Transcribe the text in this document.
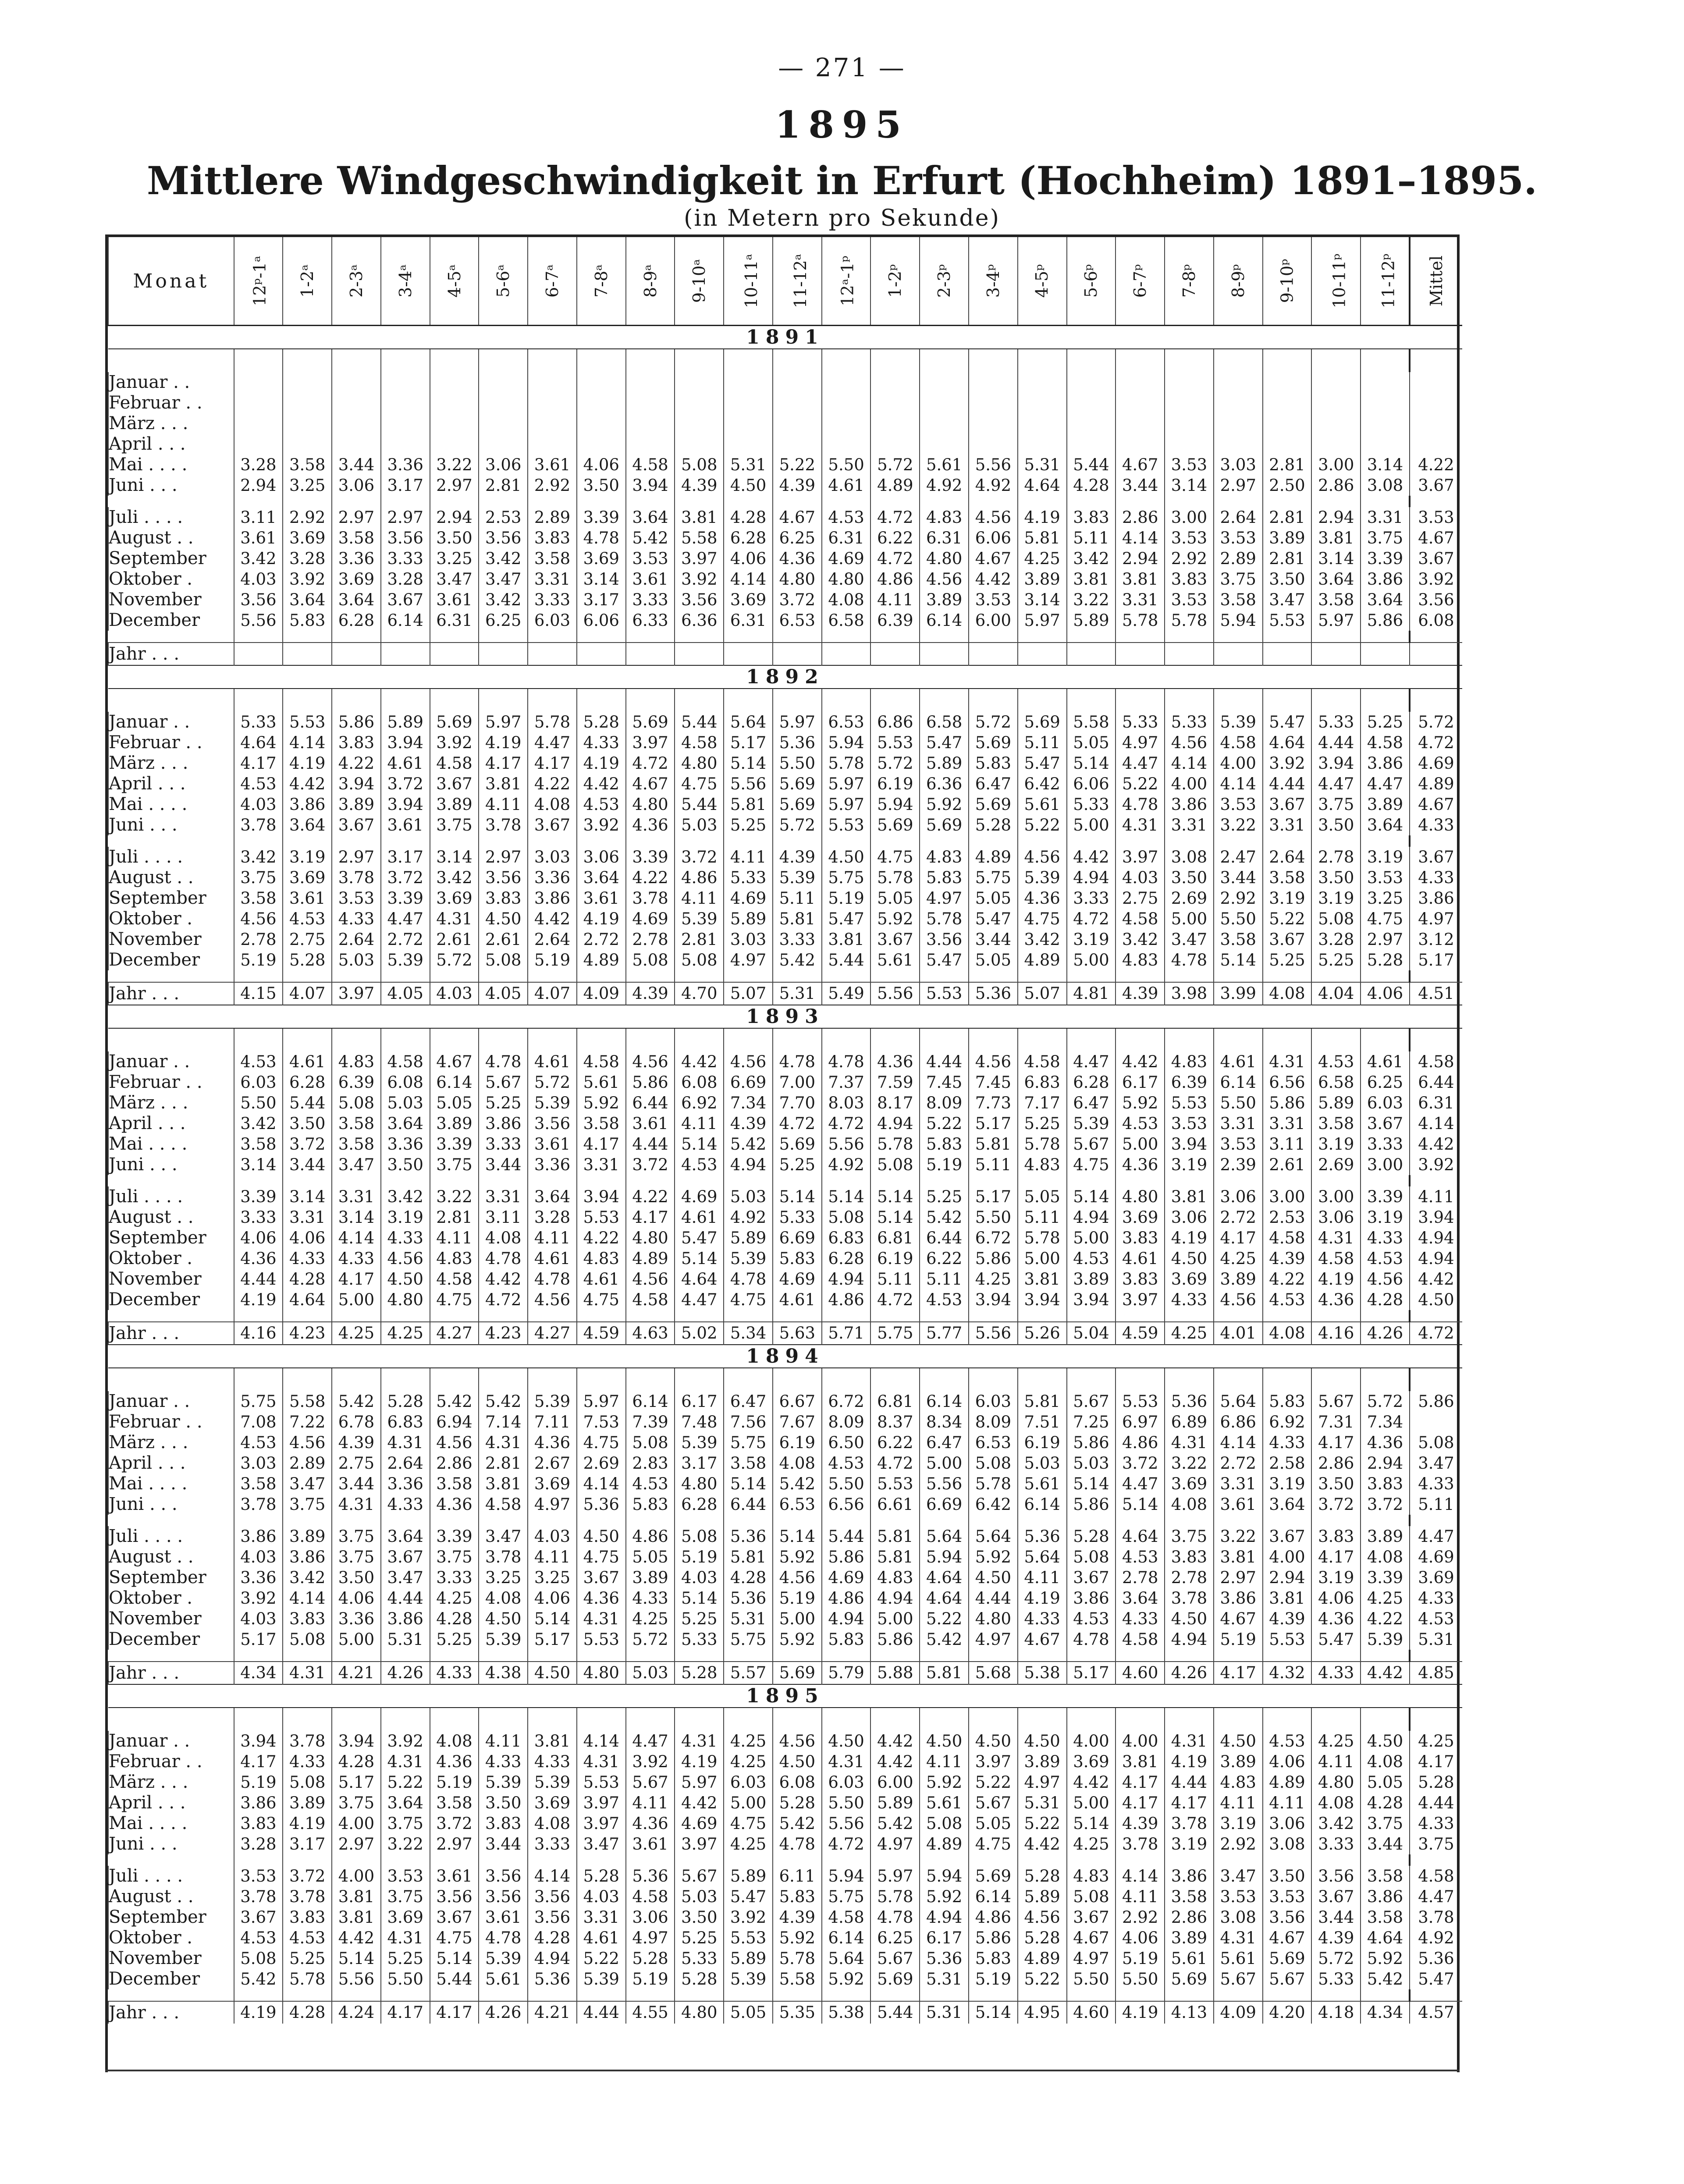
— 271 —
1895
Mittlere Windgeschwindigkeit in Erfurt (Hochheim) 1891–1895.
(in Metern pro Sekunde)
Monat	12ᵖ-1ᵃ	1-2ᵃ	2-3ᵃ	3-4ᵃ	4-5ᵃ	5-6ᵃ	6-7ᵃ	7-8ᵃ	8-9ᵃ	9-10ᵃ	10-11ᵃ	11-12ᵃ	12ᵃ-1ᵖ	1-2ᵖ	2-3ᵖ	3-4ᵖ	4-5ᵖ	5-6ᵖ	6-7ᵖ	7-8ᵖ	8-9ᵖ	9-10ᵖ	10-11ᵖ	11-12ᵖ	Mittel
1891																									

Januar . .																									
Februar . .																									
März . . .																									
April . . .																									
Mai . . . .	3.28	3.58	3.44	3.36	3.22	3.06	3.61	4.06	4.58	5.08	5.31	5.22	5.50	5.72	5.61	5.56	5.31	5.44	4.67	3.53	3.03	2.81	3.00	3.14	4.22
Juni . . .	2.94	3.25	3.06	3.17	2.97	2.81	2.92	3.50	3.94	4.39	4.50	4.39	4.61	4.89	4.92	4.92	4.64	4.28	3.44	3.14	2.97	2.50	2.86	3.08	3.67

Juli . . . .	3.11	2.92	2.97	2.97	2.94	2.53	2.89	3.39	3.64	3.81	4.28	4.67	4.53	4.72	4.83	4.56	4.19	3.83	2.86	3.00	2.64	2.81	2.94	3.31	3.53
August . .	3.61	3.69	3.58	3.56	3.50	3.56	3.83	4.78	5.42	5.58	6.28	6.25	6.31	6.22	6.31	6.06	5.81	5.11	4.14	3.53	3.53	3.89	3.81	3.75	4.67
September	3.42	3.28	3.36	3.33	3.25	3.42	3.58	3.69	3.53	3.97	4.06	4.36	4.69	4.72	4.80	4.67	4.25	3.42	2.94	2.92	2.89	2.81	3.14	3.39	3.67
Oktober .	4.03	3.92	3.69	3.28	3.47	3.47	3.31	3.14	3.61	3.92	4.14	4.80	4.80	4.86	4.56	4.42	3.89	3.81	3.81	3.83	3.75	3.50	3.64	3.86	3.92
November	3.56	3.64	3.64	3.67	3.61	3.42	3.33	3.17	3.33	3.56	3.69	3.72	4.08	4.11	3.89	3.53	3.14	3.22	3.31	3.53	3.58	3.47	3.58	3.64	3.56
December	5.56	5.83	6.28	6.14	6.31	6.25	6.03	6.06	6.33	6.36	6.31	6.53	6.58	6.39	6.14	6.00	5.97	5.89	5.78	5.78	5.94	5.53	5.97	5.86	6.08

Jahr . . .																									
1892																									

Januar . .	5.33	5.53	5.86	5.89	5.69	5.97	5.78	5.28	5.69	5.44	5.64	5.97	6.53	6.86	6.58	5.72	5.69	5.58	5.33	5.33	5.39	5.47	5.33	5.25	5.72
Februar . .	4.64	4.14	3.83	3.94	3.92	4.19	4.47	4.33	3.97	4.58	5.17	5.36	5.94	5.53	5.47	5.69	5.11	5.05	4.97	4.56	4.58	4.64	4.44	4.58	4.72
März . . .	4.17	4.19	4.22	4.61	4.58	4.17	4.17	4.19	4.72	4.80	5.14	5.50	5.78	5.72	5.89	5.83	5.47	5.14	4.47	4.14	4.00	3.92	3.94	3.86	4.69
April . . .	4.53	4.42	3.94	3.72	3.67	3.81	4.22	4.42	4.67	4.75	5.56	5.69	5.97	6.19	6.36	6.47	6.42	6.06	5.22	4.00	4.14	4.44	4.47	4.47	4.89
Mai . . . .	4.03	3.86	3.89	3.94	3.89	4.11	4.08	4.53	4.80	5.44	5.81	5.69	5.97	5.94	5.92	5.69	5.61	5.33	4.78	3.86	3.53	3.67	3.75	3.89	4.67
Juni . . .	3.78	3.64	3.67	3.61	3.75	3.78	3.67	3.92	4.36	5.03	5.25	5.72	5.53	5.69	5.69	5.28	5.22	5.00	4.31	3.31	3.22	3.31	3.50	3.64	4.33

Juli . . . .	3.42	3.19	2.97	3.17	3.14	2.97	3.03	3.06	3.39	3.72	4.11	4.39	4.50	4.75	4.83	4.89	4.56	4.42	3.97	3.08	2.47	2.64	2.78	3.19	3.67
August . .	3.75	3.69	3.78	3.72	3.42	3.56	3.36	3.64	4.22	4.86	5.33	5.39	5.75	5.78	5.83	5.75	5.39	4.94	4.03	3.50	3.44	3.58	3.50	3.53	4.33
September	3.58	3.61	3.53	3.39	3.69	3.83	3.86	3.61	3.78	4.11	4.69	5.11	5.19	5.05	4.97	5.05	4.36	3.33	2.75	2.69	2.92	3.19	3.19	3.25	3.86
Oktober .	4.56	4.53	4.33	4.47	4.31	4.50	4.42	4.19	4.69	5.39	5.89	5.81	5.47	5.92	5.78	5.47	4.75	4.72	4.58	5.00	5.50	5.22	5.08	4.75	4.97
November	2.78	2.75	2.64	2.72	2.61	2.61	2.64	2.72	2.78	2.81	3.03	3.33	3.81	3.67	3.56	3.44	3.42	3.19	3.42	3.47	3.58	3.67	3.28	2.97	3.12
December	5.19	5.28	5.03	5.39	5.72	5.08	5.19	4.89	5.08	5.08	4.97	5.42	5.44	5.61	5.47	5.05	4.89	5.00	4.83	4.78	5.14	5.25	5.25	5.28	5.17

Jahr . . .	4.15	4.07	3.97	4.05	4.03	4.05	4.07	4.09	4.39	4.70	5.07	5.31	5.49	5.56	5.53	5.36	5.07	4.81	4.39	3.98	3.99	4.08	4.04	4.06	4.51
1893																									

Januar . .	4.53	4.61	4.83	4.58	4.67	4.78	4.61	4.58	4.56	4.42	4.56	4.78	4.78	4.36	4.44	4.56	4.58	4.47	4.42	4.83	4.61	4.31	4.53	4.61	4.58
Februar . .	6.03	6.28	6.39	6.08	6.14	5.67	5.72	5.61	5.86	6.08	6.69	7.00	7.37	7.59	7.45	7.45	6.83	6.28	6.17	6.39	6.14	6.56	6.58	6.25	6.44
März . . .	5.50	5.44	5.08	5.03	5.05	5.25	5.39	5.92	6.44	6.92	7.34	7.70	8.03	8.17	8.09	7.73	7.17	6.47	5.92	5.53	5.50	5.86	5.89	6.03	6.31
April . . .	3.42	3.50	3.58	3.64	3.89	3.86	3.56	3.58	3.61	4.11	4.39	4.72	4.72	4.94	5.22	5.17	5.25	5.39	4.53	3.53	3.31	3.31	3.58	3.67	4.14
Mai . . . .	3.58	3.72	3.58	3.36	3.39	3.33	3.61	4.17	4.44	5.14	5.42	5.69	5.56	5.78	5.83	5.81	5.78	5.67	5.00	3.94	3.53	3.11	3.19	3.33	4.42
Juni . . .	3.14	3.44	3.47	3.50	3.75	3.44	3.36	3.31	3.72	4.53	4.94	5.25	4.92	5.08	5.19	5.11	4.83	4.75	4.36	3.19	2.39	2.61	2.69	3.00	3.92

Juli . . . .	3.39	3.14	3.31	3.42	3.22	3.31	3.64	3.94	4.22	4.69	5.03	5.14	5.14	5.14	5.25	5.17	5.05	5.14	4.80	3.81	3.06	3.00	3.00	3.39	4.11
August . .	3.33	3.31	3.14	3.19	2.81	3.11	3.28	5.53	4.17	4.61	4.92	5.33	5.08	5.14	5.42	5.50	5.11	4.94	3.69	3.06	2.72	2.53	3.06	3.19	3.94
September	4.06	4.06	4.14	4.33	4.11	4.08	4.11	4.22	4.80	5.47	5.89	6.69	6.83	6.81	6.44	6.72	5.78	5.00	3.83	4.19	4.17	4.58	4.31	4.33	4.94
Oktober .	4.36	4.33	4.33	4.56	4.83	4.78	4.61	4.83	4.89	5.14	5.39	5.83	6.28	6.19	6.22	5.86	5.00	4.53	4.61	4.50	4.25	4.39	4.58	4.53	4.94
November	4.44	4.28	4.17	4.50	4.58	4.42	4.78	4.61	4.56	4.64	4.78	4.69	4.94	5.11	5.11	4.25	3.81	3.89	3.83	3.69	3.89	4.22	4.19	4.56	4.42
December	4.19	4.64	5.00	4.80	4.75	4.72	4.56	4.75	4.58	4.47	4.75	4.61	4.86	4.72	4.53	3.94	3.94	3.94	3.97	4.33	4.56	4.53	4.36	4.28	4.50

Jahr . . .	4.16	4.23	4.25	4.25	4.27	4.23	4.27	4.59	4.63	5.02	5.34	5.63	5.71	5.75	5.77	5.56	5.26	5.04	4.59	4.25	4.01	4.08	4.16	4.26	4.72
1894																									

Januar . .	5.75	5.58	5.42	5.28	5.42	5.42	5.39	5.97	6.14	6.17	6.47	6.67	6.72	6.81	6.14	6.03	5.81	5.67	5.53	5.36	5.64	5.83	5.67	5.72	5.86
Februar . .	7.08	7.22	6.78	6.83	6.94	7.14	7.11	7.53	7.39	7.48	7.56	7.67	8.09	8.37	8.34	8.09	7.51	7.25	6.97	6.89	6.86	6.92	7.31	7.34	
März . . .	4.53	4.56	4.39	4.31	4.56	4.31	4.36	4.75	5.08	5.39	5.75	6.19	6.50	6.22	6.47	6.53	6.19	5.86	4.86	4.31	4.14	4.33	4.17	4.36	5.08
April . . .	3.03	2.89	2.75	2.64	2.86	2.81	2.67	2.69	2.83	3.17	3.58	4.08	4.53	4.72	5.00	5.08	5.03	5.03	3.72	3.22	2.72	2.58	2.86	2.94	3.47
Mai . . . .	3.58	3.47	3.44	3.36	3.58	3.81	3.69	4.14	4.53	4.80	5.14	5.42	5.50	5.53	5.56	5.78	5.61	5.14	4.47	3.69	3.31	3.19	3.50	3.83	4.33
Juni . . .	3.78	3.75	4.31	4.33	4.36	4.58	4.97	5.36	5.83	6.28	6.44	6.53	6.56	6.61	6.69	6.42	6.14	5.86	5.14	4.08	3.61	3.64	3.72	3.72	5.11

Juli . . . .	3.86	3.89	3.75	3.64	3.39	3.47	4.03	4.50	4.86	5.08	5.36	5.14	5.44	5.81	5.64	5.64	5.36	5.28	4.64	3.75	3.22	3.67	3.83	3.89	4.47
August . .	4.03	3.86	3.75	3.67	3.75	3.78	4.11	4.75	5.05	5.19	5.81	5.92	5.86	5.81	5.94	5.92	5.64	5.08	4.53	3.83	3.81	4.00	4.17	4.08	4.69
September	3.36	3.42	3.50	3.47	3.33	3.25	3.25	3.67	3.89	4.03	4.28	4.56	4.69	4.83	4.64	4.50	4.11	3.67	2.78	2.78	2.97	2.94	3.19	3.39	3.69
Oktober .	3.92	4.14	4.06	4.44	4.25	4.08	4.06	4.36	4.33	5.14	5.36	5.19	4.86	4.94	4.64	4.44	4.19	3.86	3.64	3.78	3.86	3.81	4.06	4.25	4.33
November	4.03	3.83	3.36	3.86	4.28	4.50	5.14	4.31	4.25	5.25	5.31	5.00	4.94	5.00	5.22	4.80	4.33	4.53	4.33	4.50	4.67	4.39	4.36	4.22	4.53
December	5.17	5.08	5.00	5.31	5.25	5.39	5.17	5.53	5.72	5.33	5.75	5.92	5.83	5.86	5.42	4.97	4.67	4.78	4.58	4.94	5.19	5.53	5.47	5.39	5.31

Jahr . . .	4.34	4.31	4.21	4.26	4.33	4.38	4.50	4.80	5.03	5.28	5.57	5.69	5.79	5.88	5.81	5.68	5.38	5.17	4.60	4.26	4.17	4.32	4.33	4.42	4.85
1895																									

Januar . .	3.94	3.78	3.94	3.92	4.08	4.11	3.81	4.14	4.47	4.31	4.25	4.56	4.50	4.42	4.50	4.50	4.50	4.00	4.00	4.31	4.50	4.53	4.25	4.50	4.25
Februar . .	4.17	4.33	4.28	4.31	4.36	4.33	4.33	4.31	3.92	4.19	4.25	4.50	4.31	4.42	4.11	3.97	3.89	3.69	3.81	4.19	3.89	4.06	4.11	4.08	4.17
März . . .	5.19	5.08	5.17	5.22	5.19	5.39	5.39	5.53	5.67	5.97	6.03	6.08	6.03	6.00	5.92	5.22	4.97	4.42	4.17	4.44	4.83	4.89	4.80	5.05	5.28
April . . .	3.86	3.89	3.75	3.64	3.58	3.50	3.69	3.97	4.11	4.42	5.00	5.28	5.50	5.89	5.61	5.67	5.31	5.00	4.17	4.17	4.11	4.11	4.08	4.28	4.44
Mai . . . .	3.83	4.19	4.00	3.75	3.72	3.83	4.08	3.97	4.36	4.69	4.75	5.42	5.56	5.42	5.08	5.05	5.22	5.14	4.39	3.78	3.19	3.06	3.42	3.75	4.33
Juni . . .	3.28	3.17	2.97	3.22	2.97	3.44	3.33	3.47	3.61	3.97	4.25	4.78	4.72	4.97	4.89	4.75	4.42	4.25	3.78	3.19	2.92	3.08	3.33	3.44	3.75

Juli . . . .	3.53	3.72	4.00	3.53	3.61	3.56	4.14	5.28	5.36	5.67	5.89	6.11	5.94	5.97	5.94	5.69	5.28	4.83	4.14	3.86	3.47	3.50	3.56	3.58	4.58
August . .	3.78	3.78	3.81	3.75	3.56	3.56	3.56	4.03	4.58	5.03	5.47	5.83	5.75	5.78	5.92	6.14	5.89	5.08	4.11	3.58	3.53	3.53	3.67	3.86	4.47
September	3.67	3.83	3.81	3.69	3.67	3.61	3.56	3.31	3.06	3.50	3.92	4.39	4.58	4.78	4.94	4.86	4.56	3.67	2.92	2.86	3.08	3.56	3.44	3.58	3.78
Oktober .	4.53	4.53	4.42	4.31	4.75	4.78	4.28	4.61	4.97	5.25	5.53	5.92	6.14	6.25	6.17	5.86	5.28	4.67	4.06	3.89	4.31	4.67	4.39	4.64	4.92
November	5.08	5.25	5.14	5.25	5.14	5.39	4.94	5.22	5.28	5.33	5.89	5.78	5.64	5.67	5.36	5.83	4.89	4.97	5.19	5.61	5.61	5.69	5.72	5.92	5.36
December	5.42	5.78	5.56	5.50	5.44	5.61	5.36	5.39	5.19	5.28	5.39	5.58	5.92	5.69	5.31	5.19	5.22	5.50	5.50	5.69	5.67	5.67	5.33	5.42	5.47

Jahr . . .	4.19	4.28	4.24	4.17	4.17	4.26	4.21	4.44	4.55	4.80	5.05	5.35	5.38	5.44	5.31	5.14	4.95	4.60	4.19	4.13	4.09	4.20	4.18	4.34	4.57
